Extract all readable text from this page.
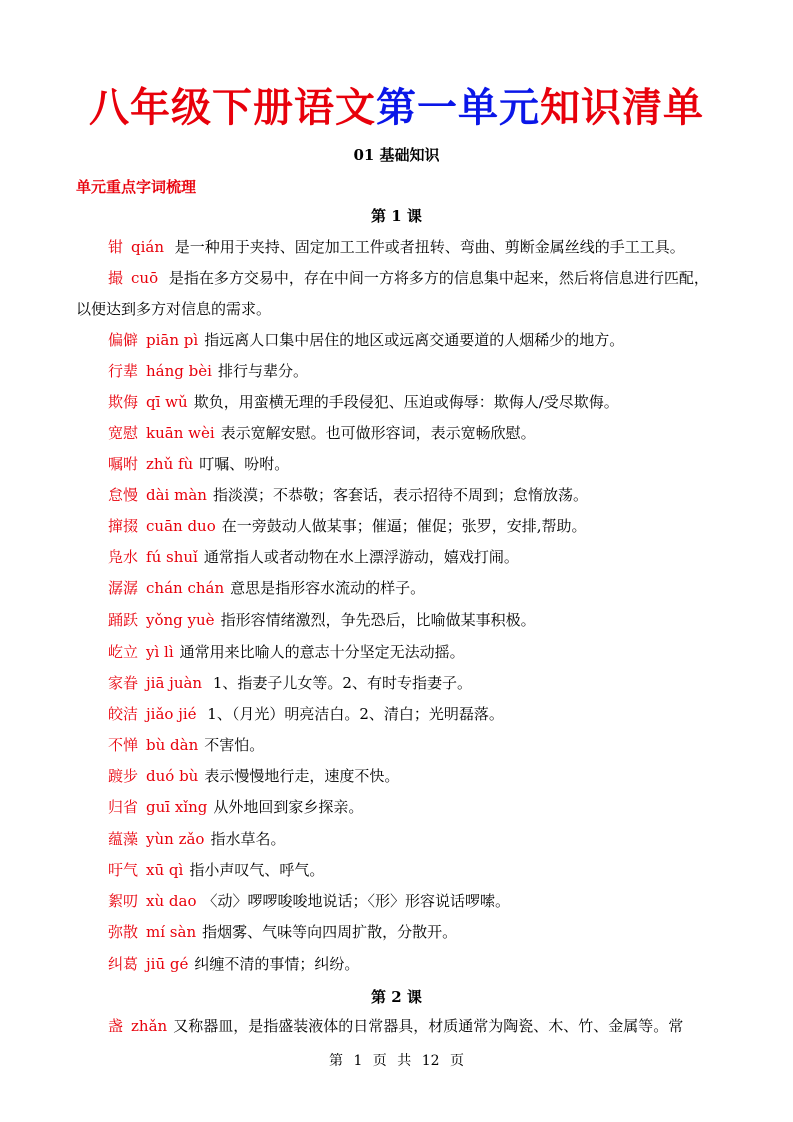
八年级下册语文第一单元知识清单
01 基础知识
单元重点字词梳理
第 1 课
钳 qián 是一种用于夹持、固定加工工件或者扭转、弯曲、剪断金属丝线的手工工具。
撮 cuō 是指在多方交易中，存在中间一方将多方的信息集中起来，然后将信息进行匹配，以便达到多方对信息的需求。
偏僻 piān pì 指远离人口集中居住的地区或远离交通要道的人烟稀少的地方。
行辈 háng bèi 排行与辈分。
欺侮 qī wǔ 欺负，用蛮横无理的手段侵犯、压迫或侮辱：欺侮人/受尽欺侮。
宽慰 kuān wèi 表示宽解安慰。也可做形容词，表示宽畅欣慰。
嘱咐 zhǔ fù 叮嘱、吩咐。
怠慢 dài màn 指淡漠；不恭敬；客套话，表示招待不周到；怠惰放荡。
撺掇 cuān duo 在一旁鼓动人做某事；催逼；催促；张罗，安排,帮助。
凫水 fú shuǐ 通常指人或者动物在水上漂浮游动，嬉戏打闹。
潺潺 chán chán 意思是指形容水流动的样子。
踊跃 yǒng yuè 指形容情绪激烈，争先恐后，比喻做某事积极。
屹立 yì lì 通常用来比喻人的意志十分坚定无法动摇。
家眷 jiā juàn 1、指妻子儿女等。2、有时专指妻子。
皎洁 jiǎo jié 1、（月光）明亮洁白。2、清白；光明磊落。
不惮 bù dàn 不害怕。
踱步 duó bù 表示慢慢地行走，速度不快。
归省 guī xǐng 从外地回到家乡探亲。
蕴藻 yùn zǎo 指水草名。
吁气 xū qì 指小声叹气、呼气。
絮叨 xù dao 〈动〉啰啰唆唆地说话；〈形〉形容说话啰嗦。
弥散 mí sàn 指烟雾、气味等向四周扩散，分散开。
纠葛 jiū gé 纠缠不清的事情；纠纷。
第 2 课
盏 zhǎn 又称器皿，是指盛装液体的日常器具，材质通常为陶瓷、木、竹、金属等。常
第 1 页 共 12 页
